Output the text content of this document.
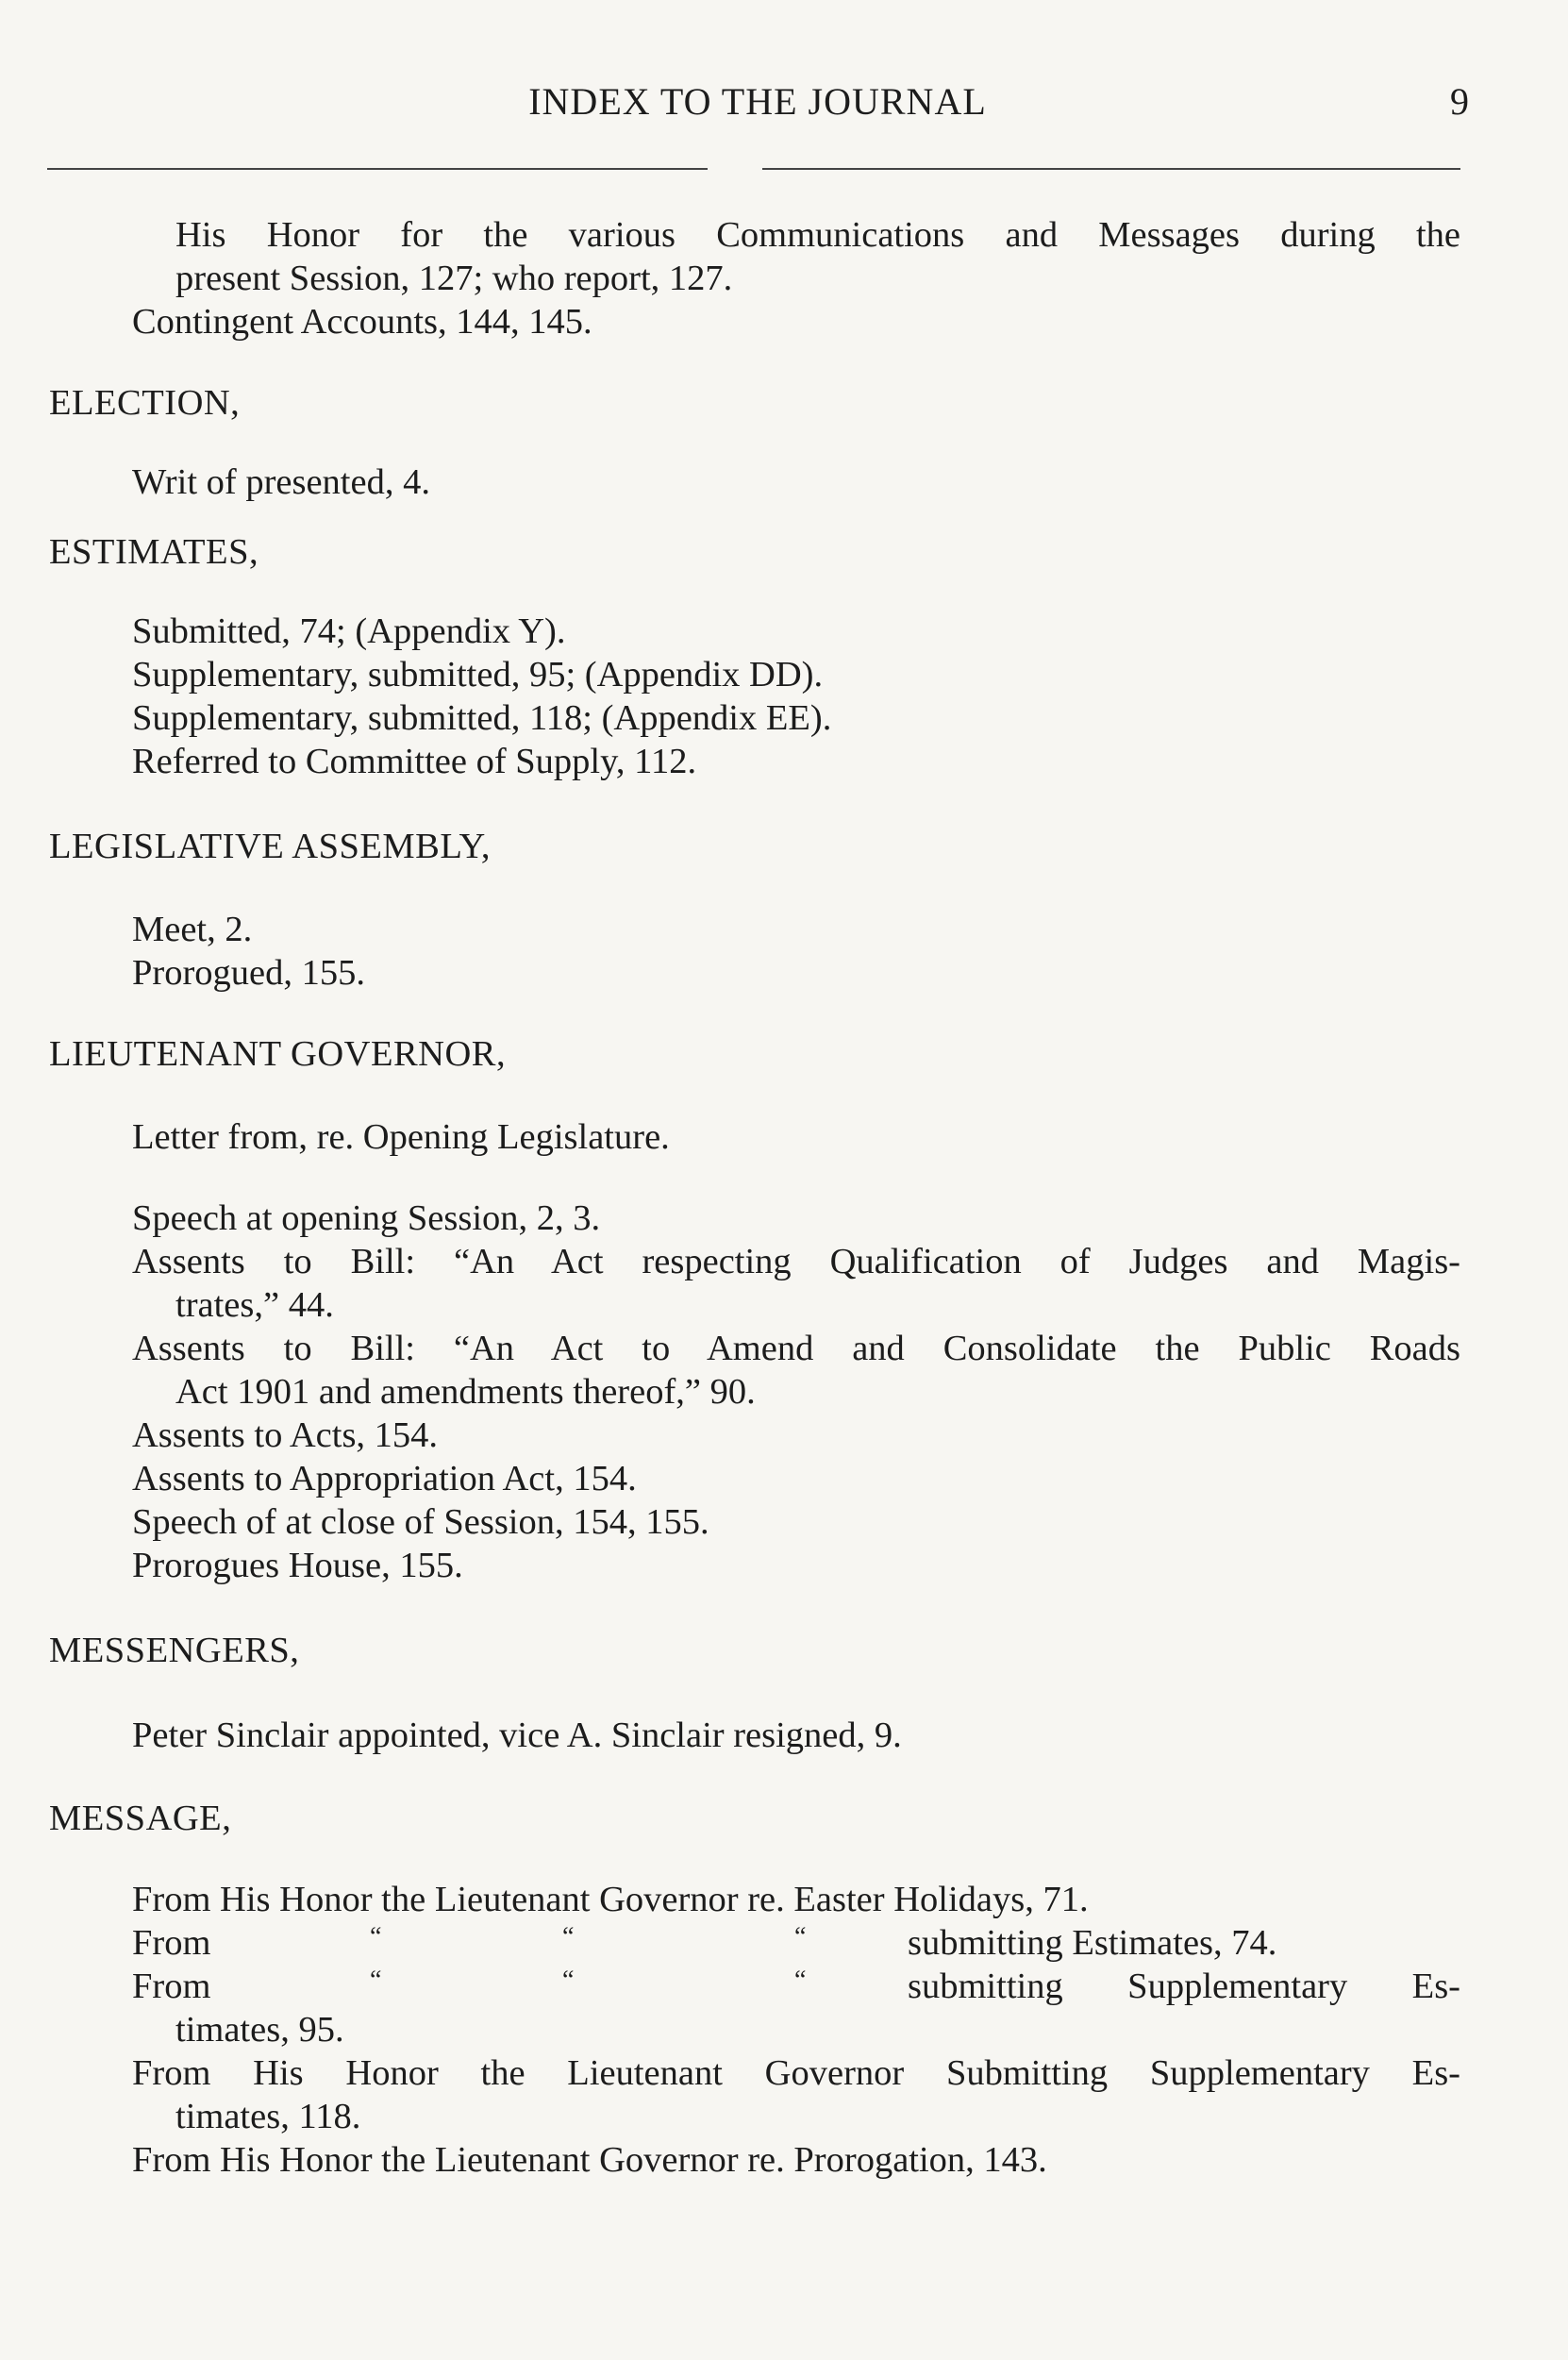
INDEX TO THE JOURNAL	9
His Honor for the various Communications and Messages during the
present Session, 127; who report, 127.
Contingent Accounts, 144, 145.
ELECTION,
Writ of presented, 4.
ESTIMATES,
Submitted, 74; (Appendix Y).
Supplementary, submitted, 95; (Appendix DD).
Supplementary, submitted, 118; (Appendix EE).
Referred to Committee of Supply, 112.
LEGISLATIVE ASSEMBLY,
Meet, 2.
Prorogued, 155.
LIEUTENANT GOVERNOR,
Letter from, re. Opening Legislature.
Speech at opening Session, 2, 3.
Assents to Bill: “An Act respecting Qualification of Judges and Magis-
trates,” 44.
Assents to Bill: “An Act to Amend and Consolidate the Public Roads
Act 1901 and amendments thereof,” 90.
Assents to Acts, 154.
Assents to Appropriation Act, 154.
Speech of at close of Session, 154, 155.
Prorogues House, 155.
MESSENGERS,
Peter Sinclair appointed, vice A. Sinclair resigned, 9.
MESSAGE,
From His Honor the Lieutenant Governor re. Easter Holidays, 71.
From	“	“	“	submitting Estimates, 74.
From	“	“	“	submitting Supplementary Es-
timates, 95.
From His Honor the Lieutenant Governor Submitting Supplementary Es-
timates, 118.
From His Honor the Lieutenant Governor re. Prorogation, 143.
